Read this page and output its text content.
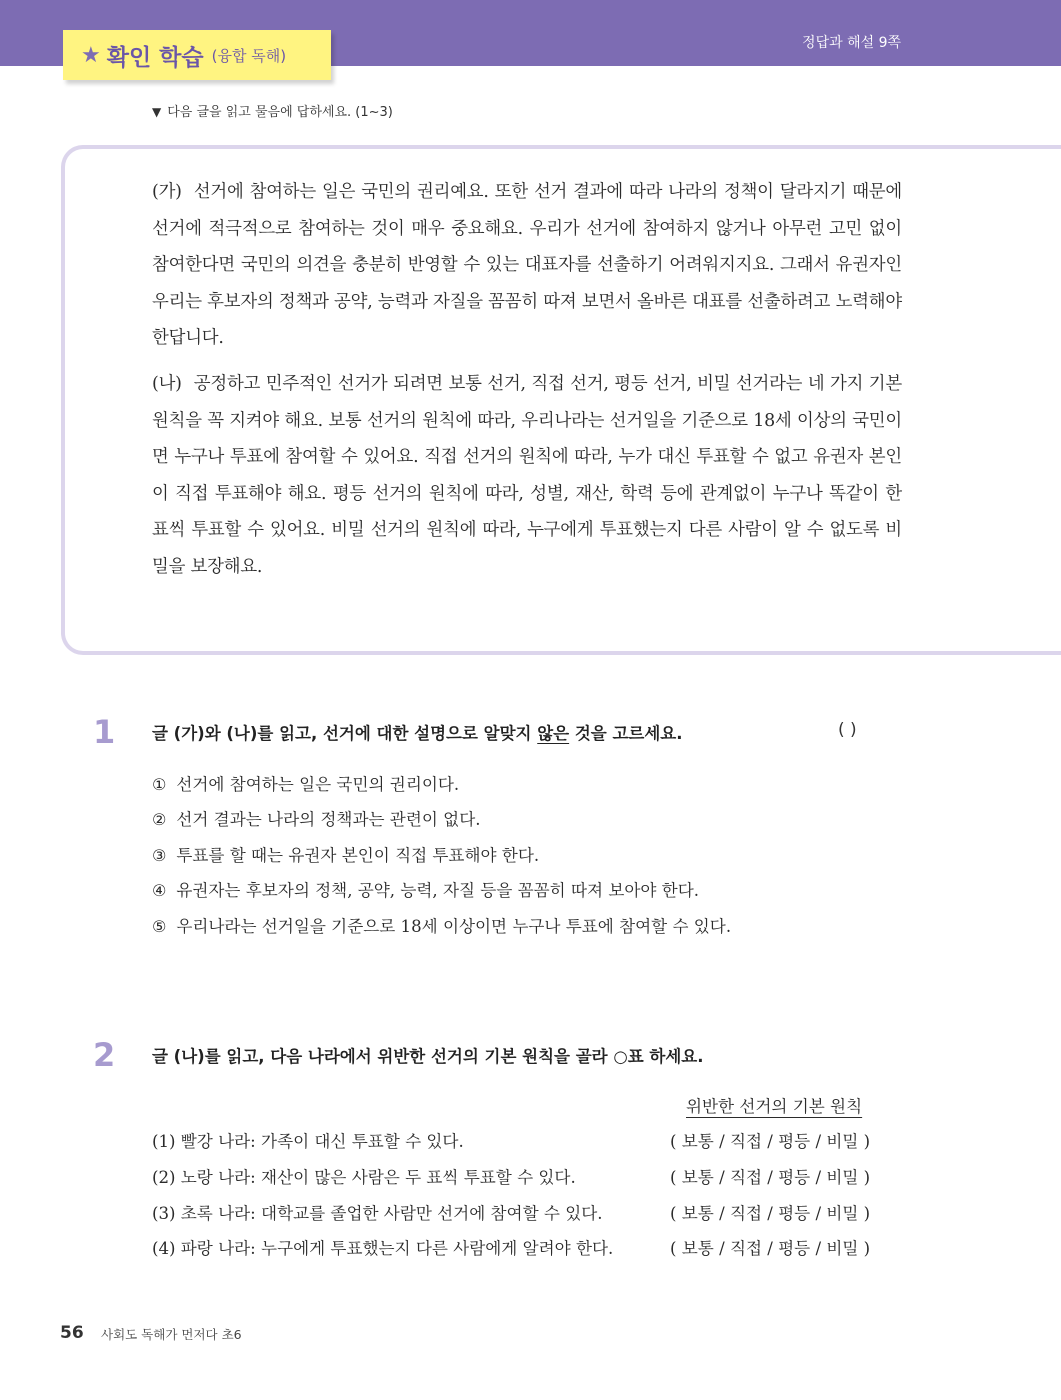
정답과 해설 9쪽
★ 확인 학습 (융합 독해)
▼ 다음 글을 읽고 물음에 답하세요. (1~3)
(가) 선거에 참여하는 일은 국민의 권리예요. 또한 선거 결과에 따라 나라의 정책이 달라지기 때문에 선거에 적극적으로 참여하는 것이 매우 중요해요. 우리가 선거에 참여하지 않거나 아무런 고민 없이 참여한다면 국민의 의견을 충분히 반영할 수 있는 대표자를 선출하기 어려워지지요. 그래서 유권자인 우리는 후보자의 정책과 공약, 능력과 자질을 꼼꼼히 따져 보면서 올바른 대표를 선출하려고 노력해야 한답니다.
(나) 공정하고 민주적인 선거가 되려면 보통 선거, 직접 선거, 평등 선거, 비밀 선거라는 네 가지 기본 원칙을 꼭 지켜야 해요. 보통 선거의 원칙에 따라, 우리나라는 선거일을 기준으로 18세 이상의 국민이면 누구나 투표에 참여할 수 있어요. 직접 선거의 원칙에 따라, 누가 대신 투표할 수 없고 유권자 본인이 직접 투표해야 해요. 평등 선거의 원칙에 따라, 성별, 재산, 학력 등에 관계없이 누구나 똑같이 한 표씩 투표할 수 있어요. 비밀 선거의 원칙에 따라, 누구에게 투표했는지 다른 사람이 알 수 없도록 비밀을 보장해요.
1 글 (가)와 (나)를 읽고, 선거에 대한 설명으로 알맞지 않은 것을 고르세요.	( )
① 선거에 참여하는 일은 국민의 권리이다.
② 선거 결과는 나라의 정책과는 관련이 없다.
③ 투표를 할 때는 유권자 본인이 직접 투표해야 한다.
④ 유권자는 후보자의 정책, 공약, 능력, 자질 등을 꼼꼼히 따져 보아야 한다.
⑤ 우리나라는 선거일을 기준으로 18세 이상이면 누구나 투표에 참여할 수 있다.
2 글 (나)를 읽고, 다음 나라에서 위반한 선거의 기본 원칙을 골라 ○표 하세요.
위반한 선거의 기본 원칙
(1) 빨강 나라: 가족이 대신 투표할 수 있다.	( 보통 / 직접 / 평등 / 비밀 )
(2) 노랑 나라: 재산이 많은 사람은 두 표씩 투표할 수 있다.	( 보통 / 직접 / 평등 / 비밀 )
(3) 초록 나라: 대학교를 졸업한 사람만 선거에 참여할 수 있다.	( 보통 / 직접 / 평등 / 비밀 )
(4) 파랑 나라: 누구에게 투표했는지 다른 사람에게 알려야 한다.	( 보통 / 직접 / 평등 / 비밀 )
56 사회도 독해가 먼저다 초6
